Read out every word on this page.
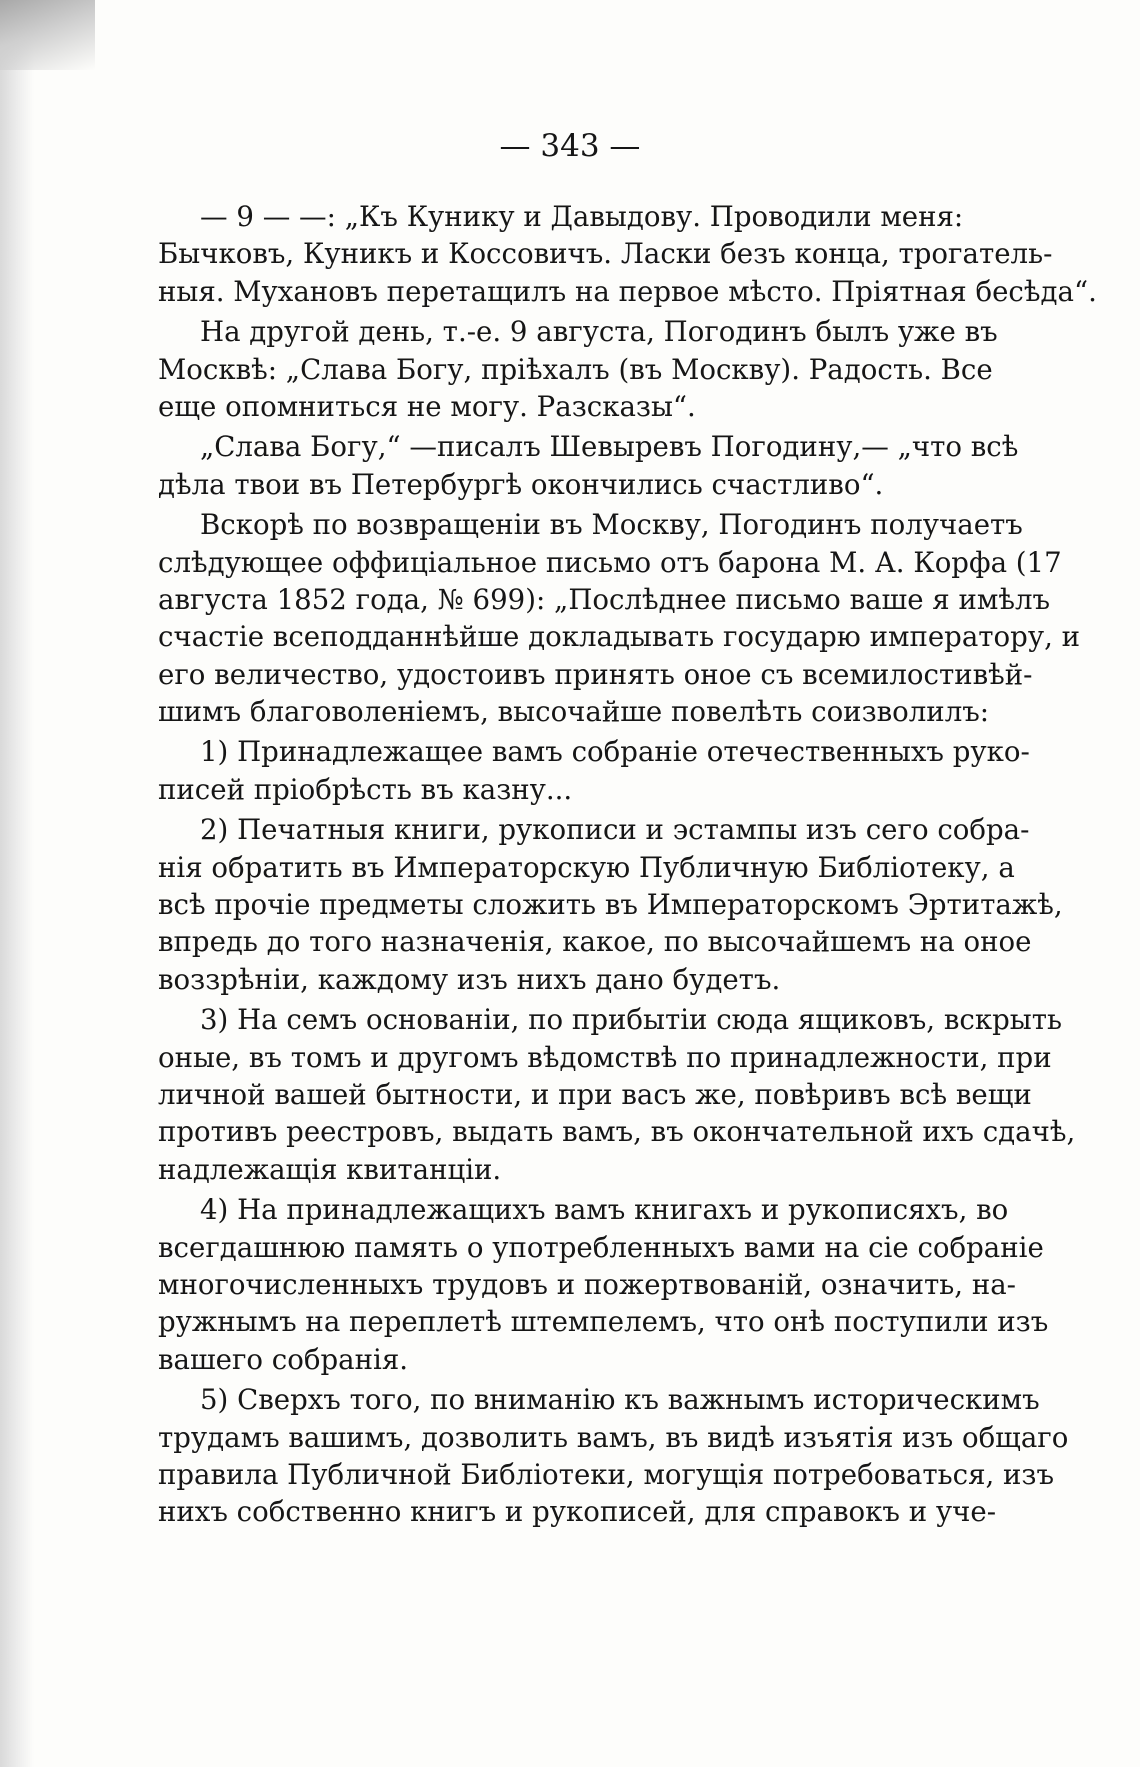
— 343 —
— 9 — —: „Къ Кунику и Давыдову. Проводили меня:
Бычковъ, Куникъ и Коссовичъ. Ласки безъ конца, трогатель-
ныя. Мухановъ перетащилъ на первое мѣсто. Пріятная бесѣда“.
На другой день, т.-е. 9 августа, Погодинъ былъ уже въ
Москвѣ: „Слава Богу, пріѣхалъ (въ Москву). Радость. Все
еще опомниться не могу. Разсказы“.
„Слава Богу,“ —писалъ Шевыревъ Погодину,— „что всѣ
дѣла твои въ Петербургѣ окончились счастливо“.
Вскорѣ по возвращеніи въ Москву, Погодинъ получаетъ
слѣдующее оффиціальное письмо отъ барона М. А. Корфа (17
августа 1852 года, № 699): „Послѣднее письмо ваше я имѣлъ
счастіе всеподданнѣйше докладывать государю императору, и
его величество, удостоивъ принять оное съ всемилостивѣй-
шимъ благоволеніемъ, высочайше повелѣть соизволилъ:
1) Принадлежащее вамъ собраніе отечественныхъ руко-
писей пріобрѣсть въ казну...
2) Печатныя книги, рукописи и эстампы изъ сего собра-
нія обратить въ Императорскую Публичную Библіотеку, а
всѣ прочіе предметы сложить въ Императорскомъ Эртитажѣ,
впредь до того назначенія, какое, по высочайшемъ на оное
воззрѣніи, каждому изъ нихъ дано будетъ.
3) На семъ основаніи, по прибытіи сюда ящиковъ, вскрыть
оные, въ томъ и другомъ вѣдомствѣ по принадлежности, при
личной вашей бытности, и при васъ же, повѣривъ всѣ вещи
противъ реестровъ, выдать вамъ, въ окончательной ихъ сдачѣ,
надлежащія квитанціи.
4) На принадлежащихъ вамъ книгахъ и рукописяхъ, во
всегдашнюю память о употребленныхъ вами на сіе собраніе
многочисленныхъ трудовъ и пожертвованій, означить, на-
ружнымъ на переплетѣ штемпелемъ, что онѣ поступили изъ
вашего собранія.
5) Сверхъ того, по вниманію къ важнымъ историческимъ
трудамъ вашимъ, дозволить вамъ, въ видѣ изъятія изъ общаго
правила Публичной Библіотеки, могущія потребоваться, изъ
нихъ собственно книгъ и рукописей, для справокъ и уче-
